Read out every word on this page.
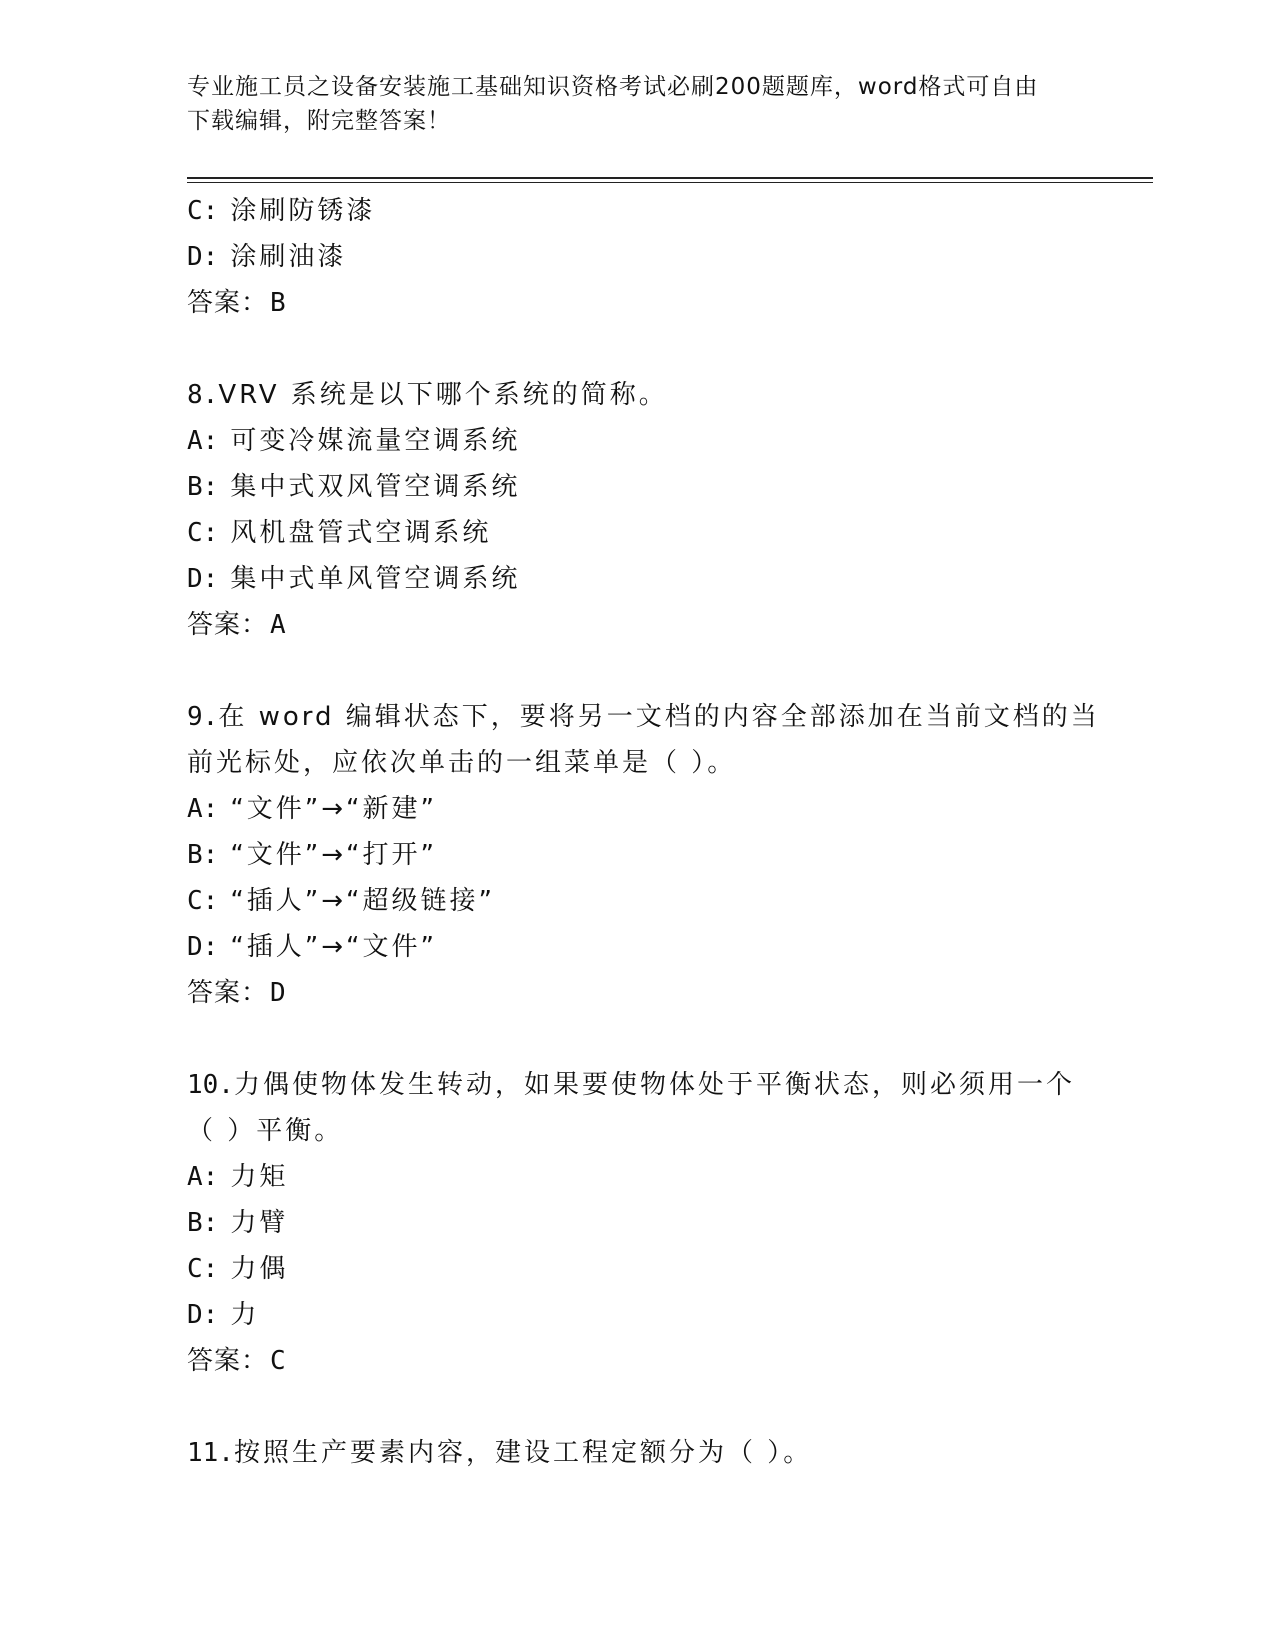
专业施工员之设备安装施工基础知识资格考试必刷200题题库，word格式可自由
下载编辑，附完整答案！
C: 涂刷防锈漆
D: 涂刷油漆
答案：B
8.VRV 系统是以下哪个系统的简称。
A: 可变冷媒流量空调系统
B: 集中式双风管空调系统
C: 风机盘管式空调系统
D: 集中式单风管空调系统
答案：A
9.在 word 编辑状态下，要将另一文档的内容全部添加在当前文档的当
前光标处，应依次单击的一组菜单是（ ）。
A: “文件”→“新建”
B: “文件”→“打开”
C: “插人”→“超级链接”
D: “插人”→“文件”
答案：D
10.力偶使物体发生转动，如果要使物体处于平衡状态，则必须用一个
（ ）平衡。
A: 力矩
B: 力臂
C: 力偶
D: 力
答案：C
11.按照生产要素内容，建设工程定额分为（ ）。
